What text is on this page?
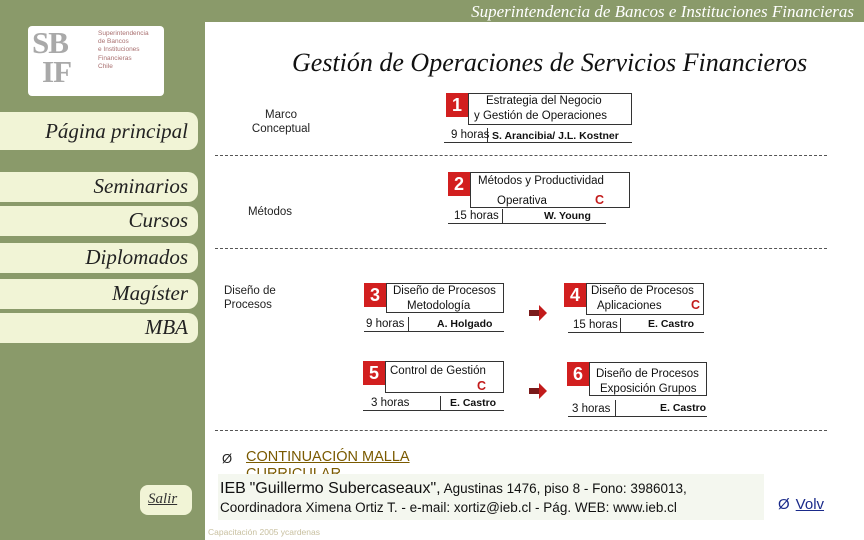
Superintendencia de Bancos e Instituciones Financieras
SB
IF
Superintendencia
de Bancos
e Instituciones
Financieras
Chile
Página principal
Seminarios
Cursos
Diplomados
Magíster
MBA
Salir
Gestión de Operaciones de Servicios Financieros
Marco Conceptual
Métodos
Diseño de Procesos
1	Estrategia del Negocio
y Gestión de Operaciones
9 horas S. Arancibia/ J.L. Kostner
2	Métodos y Productividad
Operativa	C
15 horas	W. Young
3	Diseño de Procesos
Metodología
9 horas	A. Holgado
4 Diseño de Procesos
Aplicaciones C
15 horas	E. Castro
5 Control de Gestión
C
3 horas	E. Castro
6	Diseño de Procesos
Exposición Grupos
3 horas	E. Castro
Ø CONTINUACIÓN MALLA
IEB "Guillermo Subercaseaux", Agustinas 1476, piso 8 - Fono: 3986013,
Coordinadora Ximena Ortiz T. - e-mail: xortiz@ieb.cl - Pág. WEB: www.ieb.cl	Ø Volv
Capacitación 2005 ycardenas
